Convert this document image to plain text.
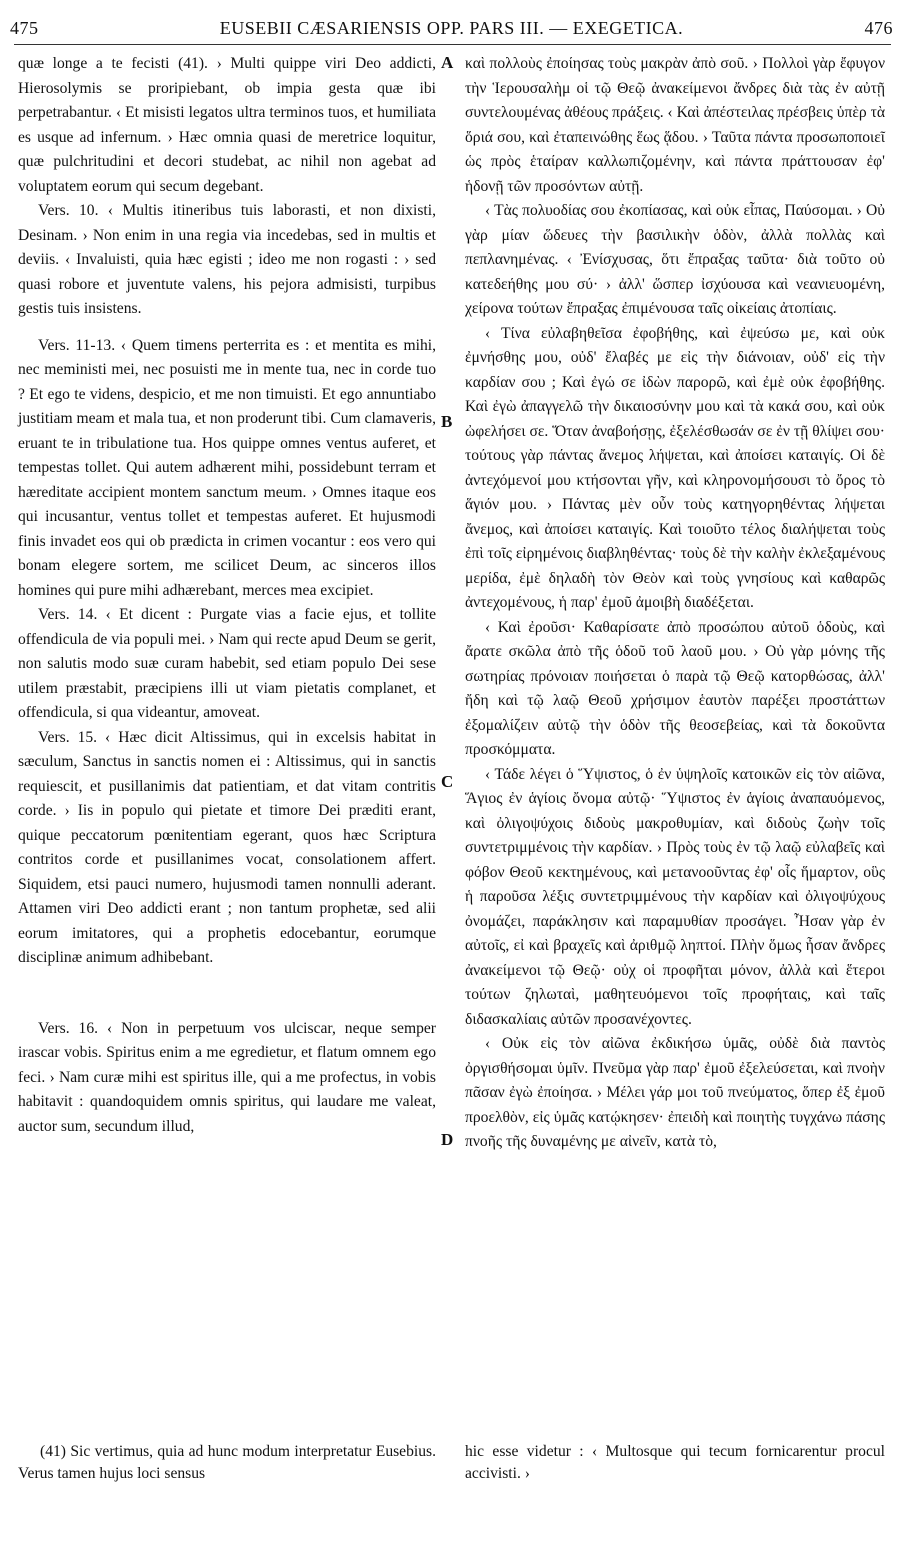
475	EUSEBII CÆSARIENSIS OPP. PARS III. — EXEGETICA.	476
A
B
C
D

quæ longe a te fecisti (41). › Multi quippe viri Deo addicti, Hierosolymis se proripiebant, ob impia gesta quæ ibi perpetrabantur. ‹ Et misisti legatos ultra terminos tuos, et humiliata es usque ad infernum. › Hæc omnia quasi de meretrice loquitur, quæ pulchritudini et decori studebat, ac nihil non agebat ad voluptatem eorum qui secum degebant.

Vers. 10. ‹ Multis itineribus tuis laborasti, et non dixisti, Desinam. › Non enim in una regia via incedebas, sed in multis et deviis. ‹ Invaluisti, quia hæc egisti ; ideo me non rogasti : › sed quasi robore et juventute valens, his pejora admisisti, turpibus gestis tuis insistens.

Vers. 11-13. ‹ Quem timens perterrita es : et mentita es mihi, nec meministi mei, nec posuisti me in mente tua, nec in corde tuo ? Et ego te videns, despicio, et me non timuisti. Et ego annuntiabo justitiam meam et mala tua, et non proderunt tibi. Cum clamaveris, eruant te in tribulatione tua. Hos quippe omnes ventus auferet, et tempestas tollet. Qui autem adhærent mihi, possidebunt terram et hæreditate accipient montem sanctum meum. › Omnes itaque eos qui incusantur, ventus tollet et tempestas auferet. Et hujusmodi finis invadet eos qui ob prædicta in crimen vocantur : eos vero qui bonam elegere sortem, me scilicet Deum, ac sinceros illos homines qui pure mihi adhærebant, merces mea excipiet.

Vers. 14. ‹ Et dicent : Purgate vias a facie ejus, et tollite offendicula de via populi mei. › Nam qui recte apud Deum se gerit, non salutis modo suæ curam habebit, sed etiam populo Dei sese utilem præstabit, præcipiens illi ut viam pietatis complanet, et offendicula, si qua videantur, amoveat.

Vers. 15. ‹ Hæc dicit Altissimus, qui in excelsis habitat in sæculum, Sanctus in sanctis nomen ei : Altissimus, qui in sanctis requiescit, et pusillanimis dat patientiam, et dat vitam contritis corde. › Iis in populo qui pietate et timore Dei præditi erant, quique peccatorum pœnitentiam egerant, quos hæc Scriptura contritos corde et pusillanimes vocat, consolationem affert. Siquidem, etsi pauci numero, hujusmodi tamen nonnulli aderant. Attamen viri Deo addicti erant ; non tantum prophetæ, sed alii eorum imitatores, qui a prophetis edocebantur, eorumque disciplinæ animum adhibebant.

Vers. 16. ‹ Non in perpetuum vos ulciscar, neque semper irascar vobis. Spiritus enim a me egredietur, et flatum omnem ego feci. › Nam curæ mihi est spiritus ille, qui a me profectus, in vobis habitavit : quandoquidem omnis spiritus, qui laudare me valeat, auctor sum, secundum illud,

καὶ πολλοὺς ἐποίησας τοὺς μακρὰν ἀπὸ σοῦ. › Πολλοὶ γὰρ ἔφυγον τὴν Ἱερουσαλὴμ οἱ τῷ Θεῷ ἀνακείμενοι ἄνδρες διὰ τὰς ἐν αὐτῇ συντελουμένας ἀθέους πράξεις. ‹ Καὶ ἀπέστειλας πρέσβεις ὑπὲρ τὰ ὅριά σου, καὶ ἐταπεινώθης ἕως ᾅδου. › Ταῦτα πάντα προσωποποιεῖ ὡς πρὸς ἑταίραν καλλωπιζομένην, καὶ πάντα πράττουσαν ἐφ' ἡδονῇ τῶν προσόντων αὐτῇ.

‹ Τὰς πολυοδίας σου ἐκοπίασας, καὶ οὐκ εἶπας, Παύσομαι. › Οὐ γὰρ μίαν ὥδευες τὴν βασιλικὴν ὁδὸν, ἀλλὰ πολλὰς καὶ πεπλανημένας. ‹ Ἐνίσχυσας, ὅτι ἔπραξας ταῦτα· διὰ τοῦτο οὐ κατεδεήθης μου σύ· › ἀλλ' ὥσπερ ἰσχύουσα καὶ νεανιευομένη, χείρονα τούτων ἔπραξας ἐπιμένουσα ταῖς οἰκείαις ἀτοπίαις.

‹ Τίνα εὐλαβηθεῖσα ἐφοβήθης, καὶ ἐψεύσω με, καὶ οὐκ ἐμνήσθης μου, οὐδ' ἔλαβές με εἰς τὴν διάνοιαν, οὐδ' εἰς τὴν καρδίαν σου ; Καὶ ἐγώ σε ἰδὼν παρορῶ, καὶ ἐμὲ οὐκ ἐφοβήθης. Καὶ ἐγὼ ἀπαγγελῶ τὴν δικαιοσύνην μου καὶ τὰ κακά σου, καὶ οὐκ ὠφελήσει σε. Ὅταν ἀναβοήσῃς, ἐξελέσθωσάν σε ἐν τῇ θλίψει σου· τούτους γὰρ πάντας ἄνεμος λήψεται, καὶ ἀποίσει καταιγίς. Οἱ δὲ ἀντεχόμενοί μου κτήσονται γῆν, καὶ κληρονομήσουσι τὸ ὄρος τὸ ἅγιόν μου. › Πάντας μὲν οὖν τοὺς κατηγορηθέντας λήψεται ἄνεμος, καὶ ἀποίσει καταιγίς. Καὶ τοιοῦτο τέλος διαλήψεται τοὺς ἐπὶ τοῖς εἰρημένοις διαβληθέντας· τοὺς δὲ τὴν καλὴν ἐκλεξαμένους μερίδα, ἐμὲ δηλαδὴ τὸν Θεὸν καὶ τοὺς γνησίους καὶ καθαρῶς ἀντεχομένους, ἡ παρ' ἐμοῦ ἀμοιβὴ διαδέξεται.

‹ Καὶ ἐροῦσι· Καθαρίσατε ἀπὸ προσώπου αὐτοῦ ὁδοὺς, καὶ ἄρατε σκῶλα ἀπὸ τῆς ὁδοῦ τοῦ λαοῦ μου. › Οὐ γὰρ μόνης τῆς σωτηρίας πρόνοιαν ποιήσεται ὁ παρὰ τῷ Θεῷ κατορθώσας, ἀλλ' ἤδη καὶ τῷ λαῷ Θεοῦ χρήσιμον ἑαυτὸν παρέξει προστάττων ἐξομαλίζειν αὐτῷ τὴν ὁδὸν τῆς θεοσεβείας, καὶ τὰ δοκοῦντα προσκόμματα.

‹ Τάδε λέγει ὁ Ὕψιστος, ὁ ἐν ὑψηλοῖς κατοικῶν εἰς τὸν αἰῶνα, Ἅγιος ἐν ἁγίοις ὄνομα αὐτῷ· Ὕψιστος ἐν ἁγίοις ἀναπαυόμενος, καὶ ὀλιγοψύχοις διδοὺς μακροθυμίαν, καὶ διδοὺς ζωὴν τοῖς συντετριμμένοις τὴν καρδίαν. › Πρὸς τοὺς ἐν τῷ λαῷ εὐλαβεῖς καὶ φόβον Θεοῦ κεκτημένους, καὶ μετανοοῦντας ἐφ' οἷς ἥμαρτον, οὓς ἡ παροῦσα λέξις συντετριμμένους τὴν καρδίαν καὶ ὀλιγοψύχους ὀνομάζει, παράκλησιν καὶ παραμυθίαν προσάγει. Ἦσαν γὰρ ἐν αὐτοῖς, εἰ καὶ βραχεῖς καὶ ἀριθμῷ ληπτοί. Πλὴν ὅμως ἦσαν ἄνδρες ἀνακείμενοι τῷ Θεῷ· οὐχ οἱ προφῆται μόνον, ἀλλὰ καὶ ἕτεροι τούτων ζηλωταὶ, μαθητευόμενοι τοῖς προφήταις, καὶ ταῖς διδασκαλίαις αὐτῶν προσανέχοντες.

‹ Οὐκ εἰς τὸν αἰῶνα ἐκδικήσω ὑμᾶς, οὐδὲ διὰ παντὸς ὀργισθήσομαι ὑμῖν. Πνεῦμα γὰρ παρ' ἐμοῦ ἐξελεύσεται, καὶ πνοὴν πᾶσαν ἐγὼ ἐποίησα. › Μέλει γάρ μοι τοῦ πνεύματος, ὅπερ ἐξ ἐμοῦ προελθὸν, εἰς ὑμᾶς κατῴκησεν· ἐπειδὴ καὶ ποιητὴς τυγχάνω πάσης πνοῆς τῆς δυναμένης με αἰνεῖν, κατὰ τὸ,

(41) Sic vertimus, quia ad hunc modum interpretatur Eusebius. Verus tamen hujus loci sensus

hic esse videtur : ‹ Multosque qui tecum fornicarentur procul accivisti. ›
